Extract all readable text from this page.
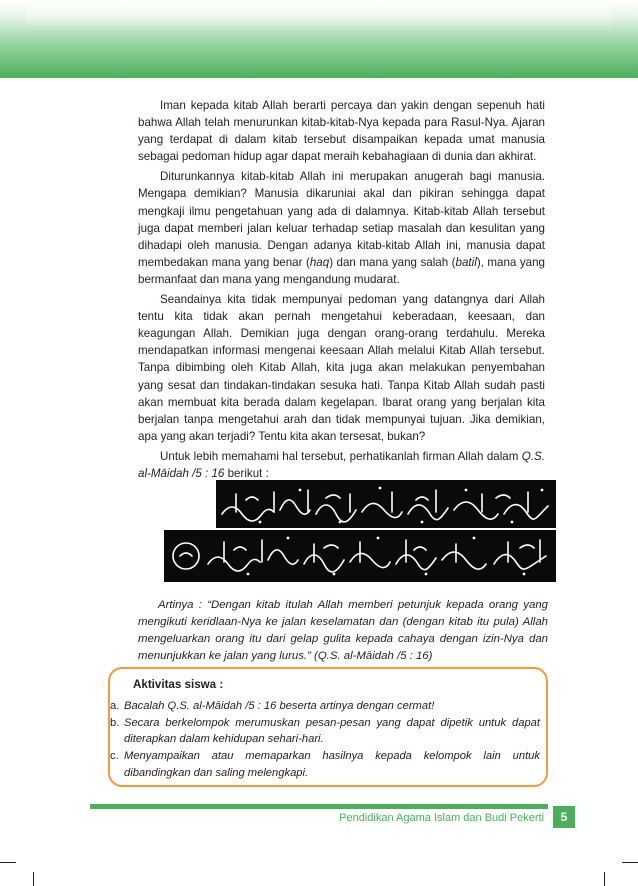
Iman kepada kitab Allah berarti percaya dan yakin dengan sepenuh hati bahwa Allah telah menurunkan kitab-kitab-Nya kepada para Rasul-Nya. Ajaran yang terdapat di dalam kitab tersebut disampaikan kepada umat manusia sebagai pedoman hidup agar dapat meraih kebahagiaan di dunia dan akhirat.

Diturunkannya kitab-kitab Allah ini merupakan anugerah bagi manusia. Mengapa demikian? Manusia dikaruniai akal dan pikiran sehingga dapat mengkaji ilmu pengetahuan yang ada di dalamnya. Kitab-kitab Allah tersebut juga dapat memberi jalan keluar terhadap setiap masalah dan kesulitan yang dihadapi oleh manusia. Dengan adanya kitab-kitab Allah ini, manusia dapat membedakan mana yang benar (haq) dan mana yang salah (batil), mana yang bermanfaat dan mana yang mengandung mudarat.

Seandainya kita tidak mempunyai pedoman yang datangnya dari Allah tentu kita tidak akan pernah mengetahui keberadaan, keesaan, dan keagungan Allah. Demikian juga dengan orang-orang terdahulu. Mereka mendapatkan informasi mengenai keesaan Allah melalui Kitab Allah tersebut. Tanpa dibimbing oleh Kitab Allah, kita juga akan melakukan penyembahan yang sesat dan tindakan-tindakan sesuka hati. Tanpa Kitab Allah sudah pasti akan membuat kita berada dalam kegelapan. Ibarat orang yang berjalan kita berjalan tanpa mengetahui arah dan tidak mempunyai tujuan. Jika demikian, apa yang akan terjadi? Tentu kita akan tersesat, bukan?

Untuk lebih memahami hal tersebut, perhatikanlah firman Allah dalam Q.S. al-Māidah /5 : 16 berikut :

Artinya : “Dengan kitab itulah Allah memberi petunjuk kepada orang yang mengikuti keridlaan-Nya ke jalan keselamatan dan (dengan kitab itu pula) Allah mengeluarkan orang itu dari gelap gulita kepada cahaya dengan izin-Nya dan menunjukkan ke jalan yang lurus.” (Q.S. al-Māidah /5 : 16)

Aktivitas siswa :
a. Bacalah Q.S. al-Māidah /5 : 16 beserta artinya dengan cermat!
b. Secara berkelompok merumuskan pesan-pesan yang dapat dipetik untuk dapat diterapkan dalam kehidupan sehari-hari.
c. Menyampaikan atau memaparkan hasilnya kepada kelompok lain untuk dibandingkan dan saling melengkapi.
Pendidikan Agama Islam dan Budi Pekerti	5
